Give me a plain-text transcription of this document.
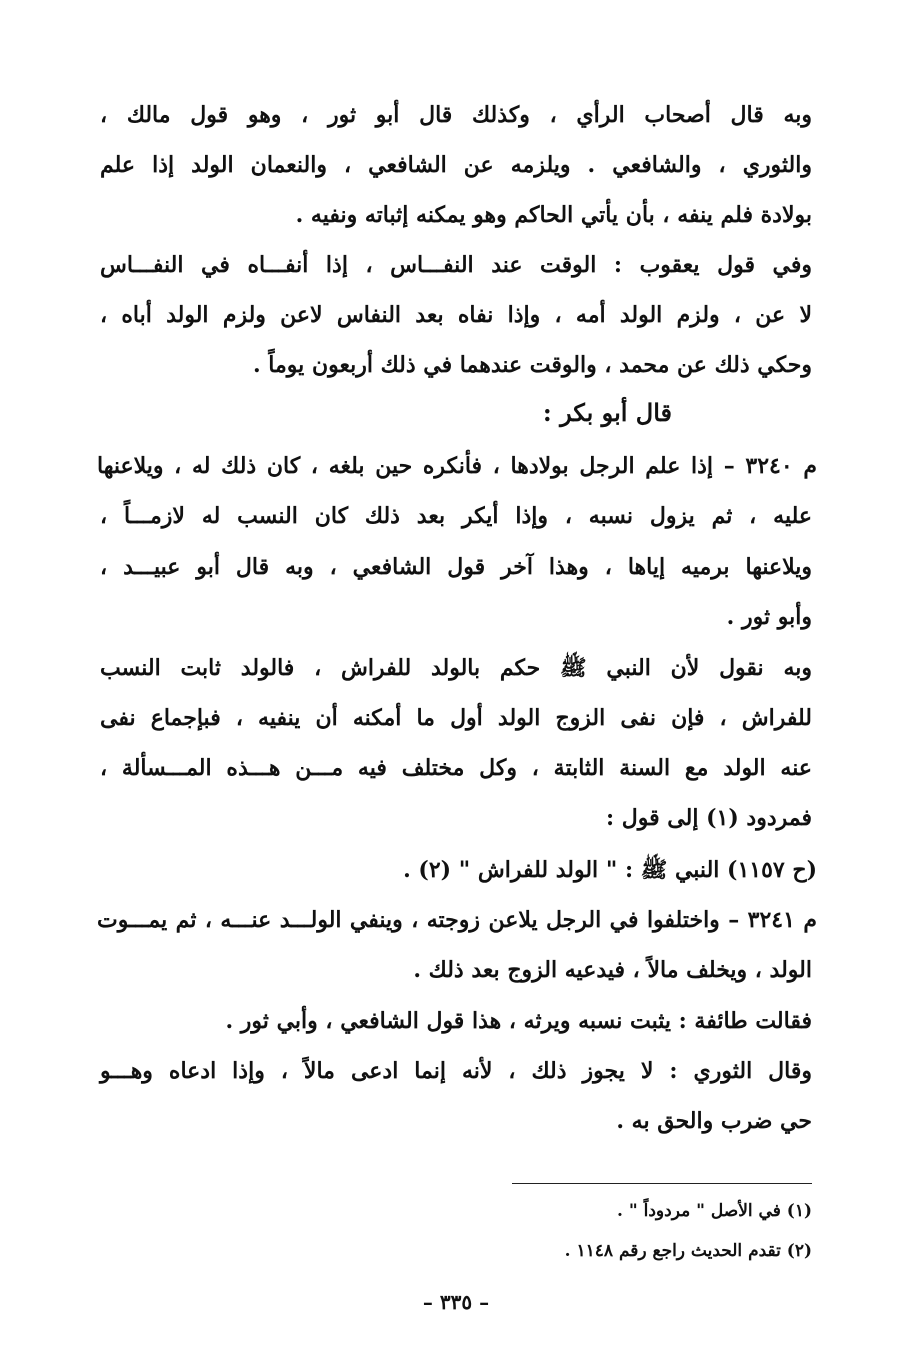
وبه قال أصحاب الرأي ، وكذلك قال أبو ثور ، وهو قول مالك ،
والثوري ، والشافعي . ويلزمه عن الشافعي ، والنعمان الولد إذا علم
بولادة فلم ينفه ، بأن يأتي الحاكم وهو يمكنه إثباته ونفيه .
وفي قول يعقوب : الوقت عند النفـــاس ، إذا أنفـــاه في النفـــاس
لا عن ، ولزم الولد أمه ، وإذا نفاه بعد النفاس لاعن ولزم الولد أباه ،
وحكي ذلك عن محمد ، والوقت عندهما في ذلك أربعون يوماً .
قال أبو بكر :
م ٣٢٤٠ – إذا علم الرجل بولادها ، فأنكره حين بلغه ، كان ذلك له ، ويلاعنها
عليه ، ثم يزول نسبه ، وإذا أيكر بعد ذلك كان النسب له لازمـــاً ،
ويلاعنها برميه إياها ، وهذا آخر قول الشافعي ، وبه قال أبو عبيـــد ،
وأبو ثور .
وبه نقول لأن النبي ﷺ حكم بالولد للفراش ، فالولد ثابت النسب
للفراش ، فإن نفى الزوج الولد أول ما أمكنه أن ينفيه ، فبإجماع نفى
عنه الولد مع السنة الثابتة ، وكل مختلف فيه مـــن هـــذه المـــسألة ،
فمردود (١) إلى قول :
(ح ١١٥٧) النبي ﷺ : " الولد للفراش " (٢) .
م ٣٢٤١ – واختلفوا في الرجل يلاعن زوجته ، وينفي الولـــد عنـــه ، ثم يمـــوت
الولد ، ويخلف مالاً ، فيدعيه الزوج بعد ذلك .
فقالت طائفة : يثبت نسبه ويرثه ، هذا قول الشافعي ، وأبي ثور .
وقال الثوري : لا يجوز ذلك ، لأنه إنما ادعى مالاً ، وإذا ادعاه وهـــو
حي ضرب والحق به .
(١) في الأصل " مردوداً " .
(٢) تقدم الحديث راجع رقم ١١٤٨ .
– ٣٣٥ –
